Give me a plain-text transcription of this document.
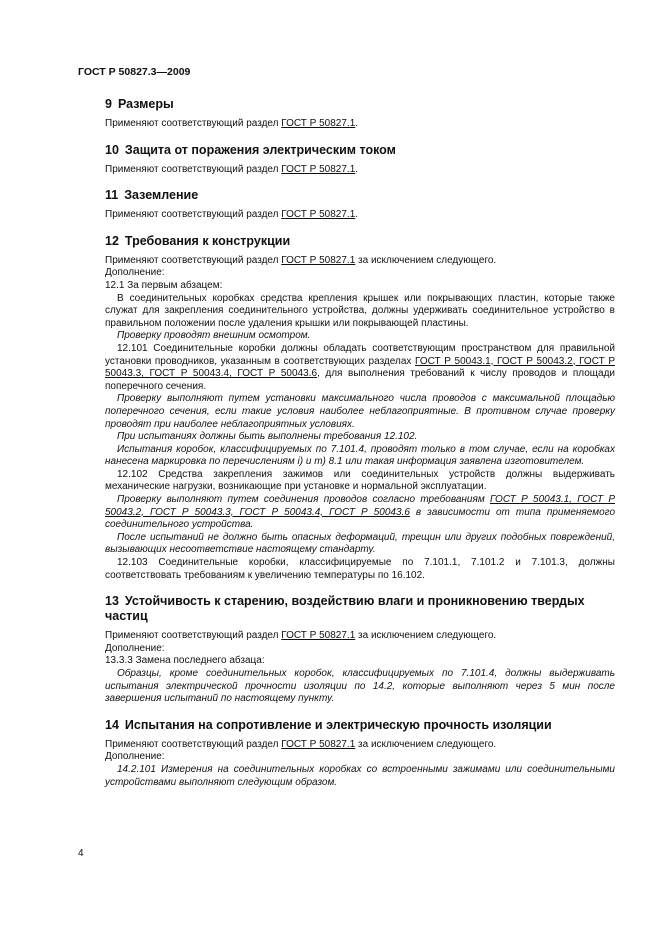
ГОСТ Р 50827.3—2009
9 Размеры

Применяют соответствующий раздел ГОСТ Р 50827.1.

10 Защита от поражения электрическим током

Применяют соответствующий раздел ГОСТ Р 50827.1.

11 Заземление

Применяют соответствующий раздел ГОСТ Р 50827.1.

12 Требования к конструкции

Применяют соответствующий раздел ГОСТ Р 50827.1 за исключением следующего.

Дополнение:

12.1 За первым абзацем:

В соединительных коробках средства крепления крышек или покрывающих пластин, которые также служат для закрепления соединительного устройства, должны удерживать соединительное устройство в правильном положении после удаления крышки или покрывающей пластины.

Проверку проводят внешним осмотром.

12.101 Соединительные коробки должны обладать соответствующим пространством для правильной установки проводников, указанным в соответствующих разделах ГОСТ Р 50043.1, ГОСТ Р 50043.2, ГОСТ Р 50043.3, ГОСТ Р 50043.4, ГОСТ Р 50043.6, для выполнения требований к числу проводов и площади поперечного сечения.

Проверку выполняют путем установки максимального числа проводов с максимальной площадью поперечного сечения, если такие условия наиболее неблагоприятные. В противном случае проверку проводят при наиболее неблагоприятных условиях.

При испытаниях должны быть выполнены требования 12.102.

Испытания коробок, классифицируемых по 7.101.4, проводят только в том случае, если на коробках нанесена маркировка по перечислениям i) и m) 8.1 или такая информация заявлена изготовителем.

12.102 Средства закрепления зажимов или соединительных устройств должны выдерживать механические нагрузки, возникающие при установке и нормальной эксплуатации.

Проверку выполняют путем соединения проводов согласно требованиям ГОСТ Р 50043.1, ГОСТ Р 50043.2, ГОСТ Р 50043.3, ГОСТ Р 50043.4, ГОСТ Р 50043.6 в зависимости от типа применяемого соединительного устройства.

После испытаний не должно быть опасных деформаций, трещин или других подобных повреждений, вызывающих несоответствие настоящему стандарту.

12.103 Соединительные коробки, классифицируемые по 7.101.1, 7.101.2 и 7.101.3, должны соответствовать требованиям к увеличению температуры по 16.102.

13 Устойчивость к старению, воздействию влаги и проникновению твердых частиц

Применяют соответствующий раздел ГОСТ Р 50827.1 за исключением следующего.

Дополнение:

13.3.3 Замена последнего абзаца:

Образцы, кроме соединительных коробок, классифицируемых по 7.101.4, должны выдерживать испытания электрической прочности изоляции по 14.2, которые выполняют через 5 мин после завершения испытаний по настоящему пункту.

14 Испытания на сопротивление и электрическую прочность изоляции

Применяют соответствующий раздел ГОСТ Р 50827.1 за исключением следующего.

Дополнение:

14.2.101 Измерения на соединительных коробках со встроенными зажимами или соединительными устройствами выполняют следующим образом.

4
